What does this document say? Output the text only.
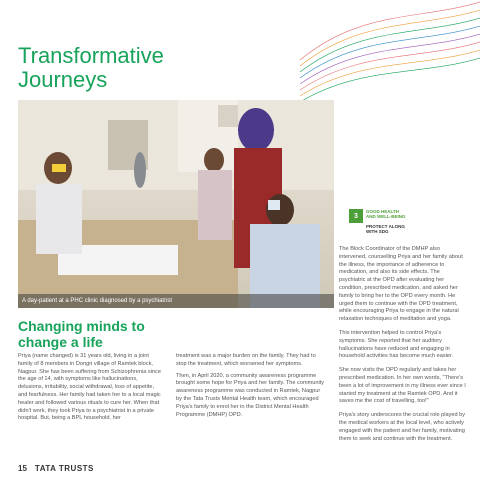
Transformative
Journeys
A day-patient at a PHC clinic diagnosed by a psychiatrist
3
GOOD HEALTH
AND WELL-BEING
PROTECT ALONG
WITH SDG

The Block Coordinator of the DMHP also intervened, counselling Priya and her family about the illness, the importance of adherence to medication, and also its side effects. The psychiatric at the OPD after evaluating her condition, prescribed medication, and asked her family to bring her to the OPD every month. He urged them to continue with the OPD treatment, while encouraging Priya to engage in the natural relaxation techniques of meditation and yoga.

This intervention helped to control Priya's symptoms. She reported that her auditory hallucinations have reduced and engaging in household activities has become much easier.

She now visits the OPD regularly and takes her prescribed medication. In her own words, "There's been a lot of improvement in my illness ever since I started my treatment at the Ramtek OPD. And it saves me the cost of travelling, too!"

Priya's story underscores the crucial role played by the medical workers at the local level, who actively engaged with the patient and her family, motivating them to seek and continue with the treatment.

Changing minds to
change a life

Priya (name changed) is 31 years old, living in a joint family of 8 members in Dongri village of Ramtek block, Nagpur. She has been suffering from Schizophrenia since the age of 14, with symptoms like hallucinations, delusions, irritability, social withdrawal, loss of appetite, and fearfulness. Her family had taken her to a local magic healer and followed various rituals to cure her. When that didn't work, they took Priya to a psychiatrist in a private hospital. But, being a BPL household, her

treatment was a major burden on the family. They had to stop the treatment, which worsened her symptoms.

Then, in April 2020, a community awareness programme brought some hope for Priya and her family. The community awareness programme was conducted in Ramtek, Nagpur by the Tata Trusts Mental Health team, which encouraged Priya's family to enrol her in the District Mental Health Programme (DMHP) OPD.

15 TATA TRUSTS
